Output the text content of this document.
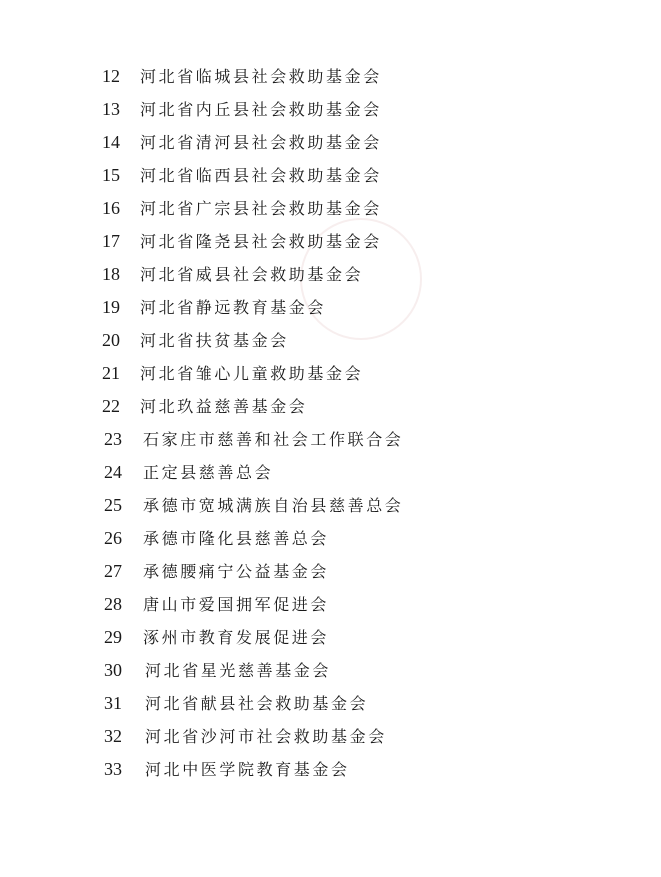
12	河北省临城县社会救助基金会
13	河北省内丘县社会救助基金会
14	河北省清河县社会救助基金会
15	河北省临西县社会救助基金会
16	河北省广宗县社会救助基金会
17	河北省隆尧县社会救助基金会
18	河北省威县社会救助基金会
19	河北省静远教育基金会
20	河北省扶贫基金会
21	河北省雏心儿童救助基金会
22	河北玖益慈善基金会
23	石家庄市慈善和社会工作联合会
24	正定县慈善总会
25	承德市宽城满族自治县慈善总会
26	承德市隆化县慈善总会
27	承德腰痛宁公益基金会
28	唐山市爱国拥军促进会
29	涿州市教育发展促进会
30	河北省星光慈善基金会
31	河北省献县社会救助基金会
32	河北省沙河市社会救助基金会
33	河北中医学院教育基金会
